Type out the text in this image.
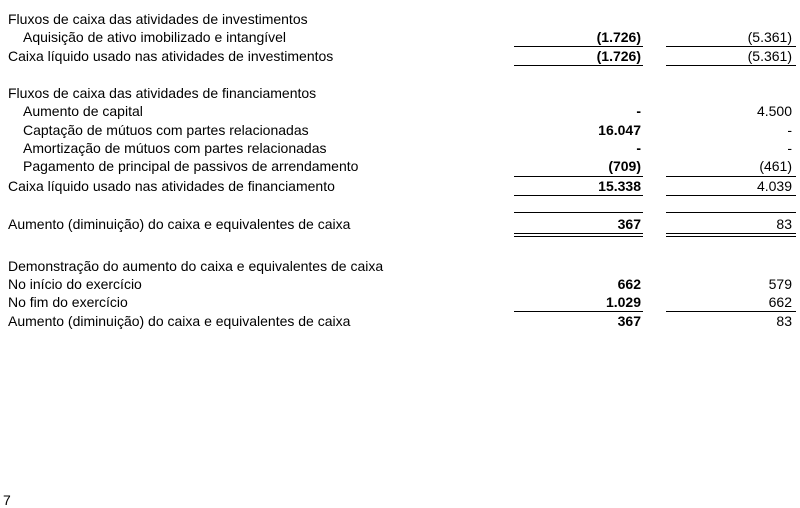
Fluxos de caixa das atividades de investimentos
Aquisição de ativo imobilizado e intangível	(1.726)	(5.361)
Caixa líquido usado nas atividades de investimentos	(1.726)	(5.361)
Fluxos de caixa das atividades de financiamentos
Aumento de capital	-	4.500
Captação de mútuos com partes relacionadas	16.047	-
Amortização de mútuos com partes relacionadas	-	-
Pagamento de principal de passivos de arrendamento	(709)	(461)
Caixa líquido usado nas atividades de financiamento	15.338	4.039
Aumento (diminuição) do caixa e equivalentes de caixa	367	83
Demonstração do aumento do caixa e equivalentes de caixa
No início do exercício	662	579
No fim do exercício	1.029	662
Aumento (diminuição) do caixa e equivalentes de caixa	367	83
7
